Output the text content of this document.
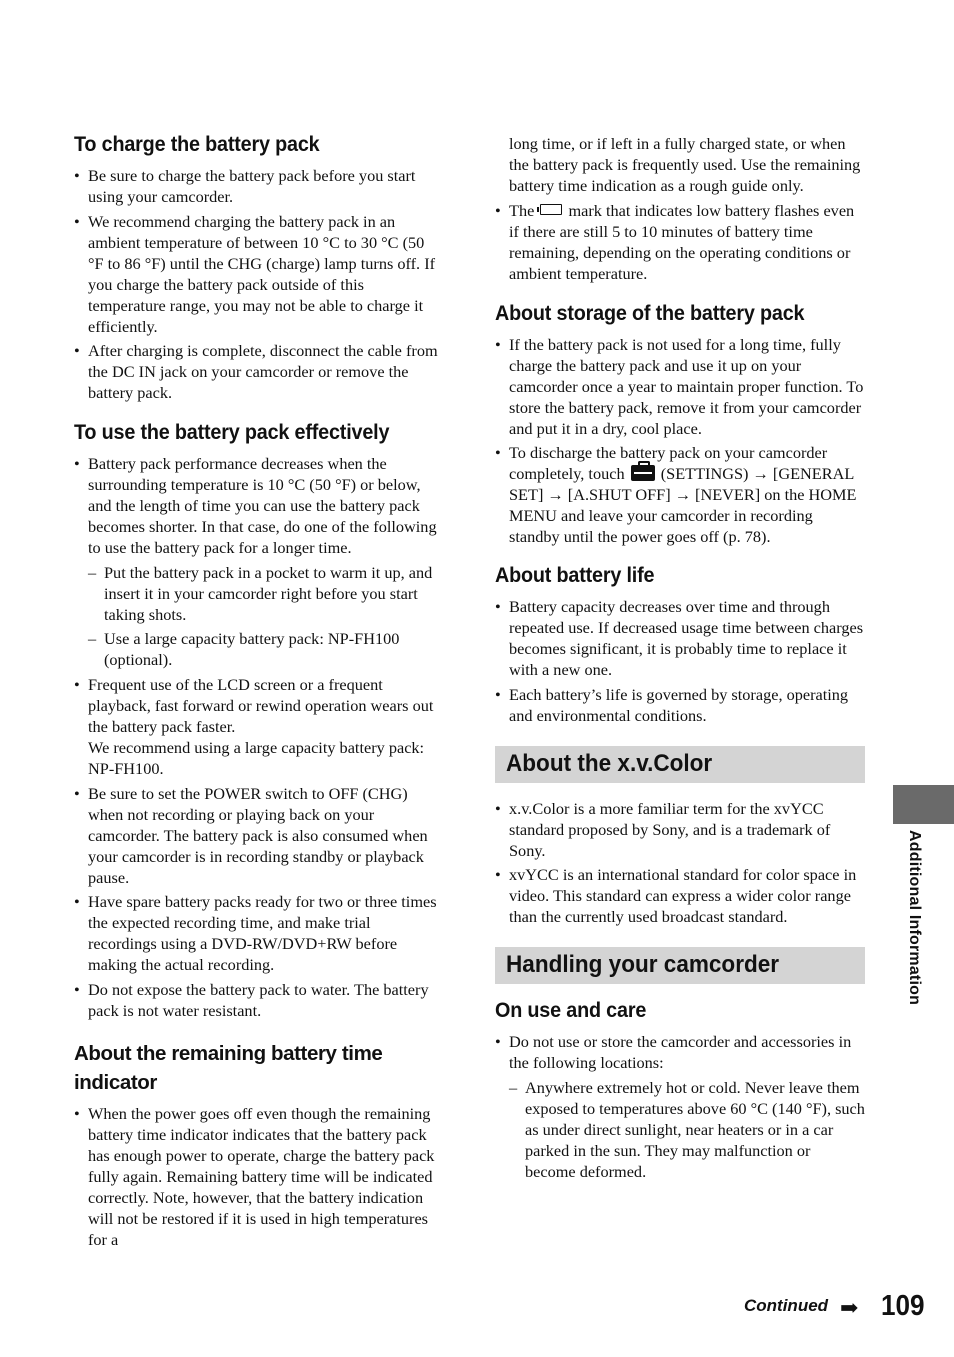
To charge the battery pack
• Be sure to charge the battery pack before you start using your camcorder.
• We recommend charging the battery pack in an ambient temperature of between 10 °C to 30 °C (50 °F to 86 °F) until the CHG (charge) lamp turns off. If you charge the battery pack outside of this temperature range, you may not be able to charge it efficiently.
• After charging is complete, disconnect the cable from the DC IN jack on your camcorder or remove the battery pack.
To use the battery pack effectively
• Battery pack performance decreases when the surrounding temperature is 10 °C (50 °F) or below, and the length of time you can use the battery pack becomes shorter. In that case, do one of the following to use the battery pack for a longer time.
– Put the battery pack in a pocket to warm it up, and insert it in your camcorder right before you start taking shots.
– Use a large capacity battery pack: NP-FH100 (optional).
• Frequent use of the LCD screen or a frequent playback, fast forward or rewind operation wears out the battery pack faster.
We recommend using a large capacity battery pack: NP-FH100.
• Be sure to set the POWER switch to OFF (CHG) when not recording or playing back on your camcorder. The battery pack is also consumed when your camcorder is in recording standby or playback pause.
• Have spare battery packs ready for two or three times the expected recording time, and make trial recordings using a DVD-RW/DVD+RW before making the actual recording.
• Do not expose the battery pack to water. The battery pack is not water resistant.
About the remaining battery time indicator
• When the power goes off even though the remaining battery time indicator indicates that the battery pack has enough power to operate, charge the battery pack fully again. Remaining battery time will be indicated correctly. Note, however, that the battery indication will not be restored if it is used in high temperatures for a
long time, or if left in a fully charged state, or when the battery pack is frequently used. Use the remaining battery time indication as a rough guide only.
• The mark that indicates low battery flashes even if there are still 5 to 10 minutes of battery time remaining, depending on the operating conditions or ambient temperature.
About storage of the battery pack
• If the battery pack is not used for a long time, fully charge the battery pack and use it up on your camcorder once a year to maintain proper function. To store the battery pack, remove it from your camcorder and put it in a dry, cool place.
• To discharge the battery pack on your camcorder completely, touch (SETTINGS) → [GENERAL SET] → [A.SHUT OFF] → [NEVER] on the HOME MENU and leave your camcorder in recording standby until the power goes off (p. 78).
About battery life
• Battery capacity decreases over time and through repeated use. If decreased usage time between charges becomes significant, it is probably time to replace it with a new one.
• Each battery’s life is governed by storage, operating and environmental conditions.
About the x.v.Color
• x.v.Color is a more familiar term for the xvYCC standard proposed by Sony, and is a trademark of Sony.
• xvYCC is an international standard for color space in video. This standard can express a wider color range than the currently used broadcast standard.
Handling your camcorder
On use and care
• Do not use or store the camcorder and accessories in the following locations:
– Anywhere extremely hot or cold. Never leave them exposed to temperatures above 60 °C (140 °F), such as under direct sunlight, near heaters or in a car parked in the sun. They may malfunction or become deformed.
Additional Information
Continued ➡ 109
